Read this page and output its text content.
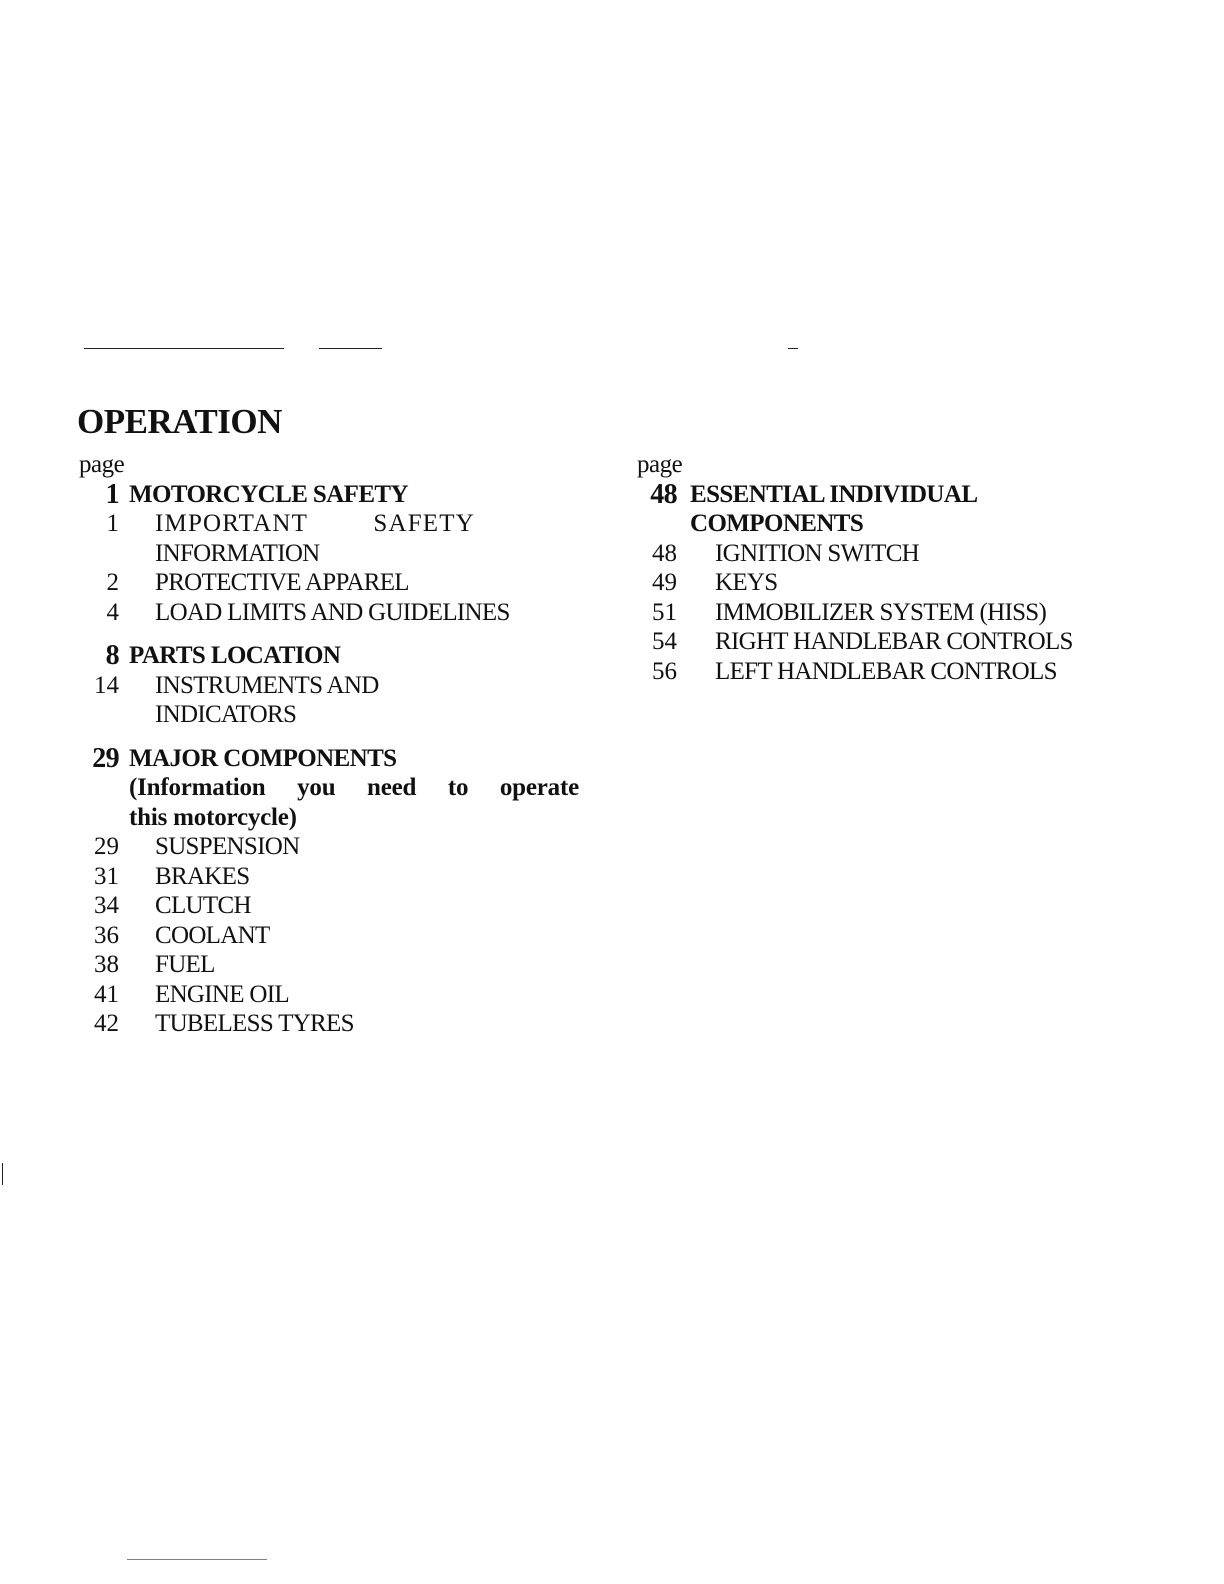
OPERATION
page
1 MOTORCYCLE SAFETY
1 IMPORTANT SAFETY
INFORMATION
2 PROTECTIVE APPAREL
4 LOAD LIMITS AND GUIDELINES
8 PARTS LOCATION
14 INSTRUMENTS AND
INDICATORS
29 MAJOR COMPONENTS
(Information you need to operate
this motorcycle)
29 SUSPENSION
31 BRAKES
34 CLUTCH
36 COOLANT
38 FUEL
41 ENGINE OIL
42 TUBELESS TYRES
page
48 ESSENTIAL INDIVIDUAL
COMPONENTS
48 IGNITION SWITCH
49 KEYS
51 IMMOBILIZER SYSTEM (HISS)
54 RIGHT HANDLEBAR CONTROLS
56 LEFT HANDLEBAR CONTROLS
